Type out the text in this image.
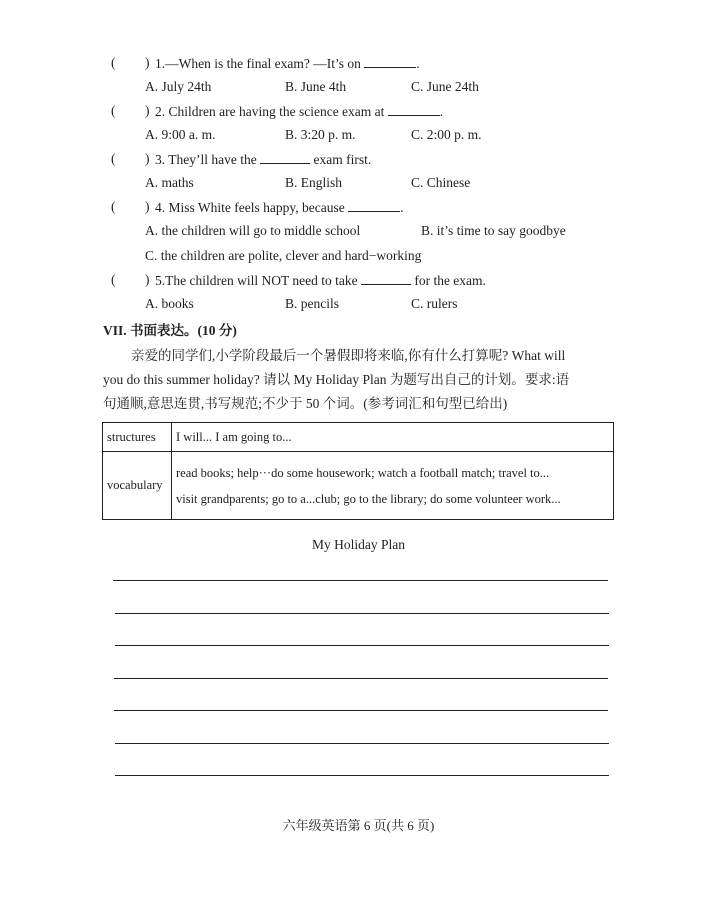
( ) 1.—When is the final exam? —It’s on	.
A. July 24th	B. June 4th	C. June 24th
( ) 2. Children are having the science exam at	.
A. 9:00 a. m.	B. 3:20 p. m.	C. 2:00 p. m.
( ) 3. They’ll have the	exam first.
A. maths	B. English	C. Chinese
( ) 4. Miss White feels happy, because	.
A. the children will go to middle school	B. it’s time to say goodbye
C. the children are polite, clever and hard−working
( ) 5.The children will NOT need to take	for the exam.
A. books	B. pencils	C. rulers
VII. 书面表达。(10 分)
亲爱的同学们,小学阶段最后一个暑假即将来临,你有什么打算呢? What will
you do this summer holiday? 请以 My Holiday Plan 为题写出自己的计划。要求:语
句通顺,意思连贯,书写规范;不少于 50 个词。(参考词汇和句型已给出)
structures	I will... I am going to...
vocabulary	read books; help···do some housework; watch a football match; travel to...
visit grandparents; go to a...club; go to the library; do some volunteer work...
My Holiday Plan
六年级英语第 6 页(共 6 页)
